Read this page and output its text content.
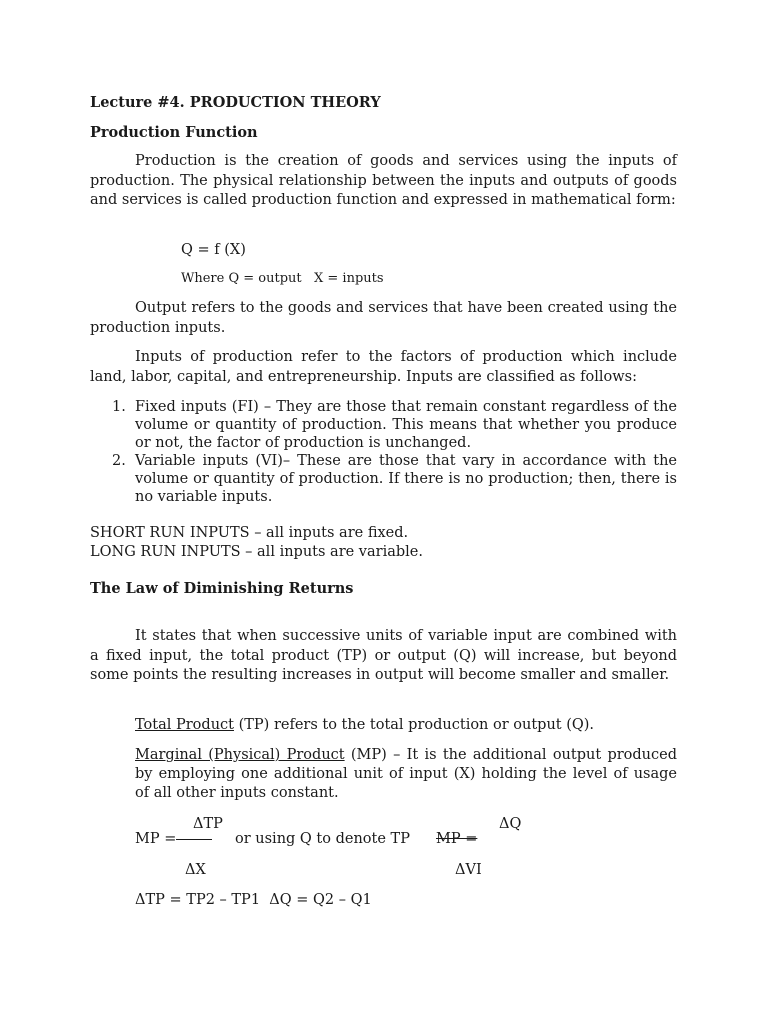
Lecture #4. PRODUCTION THEORY
Production Function
Production is the creation of goods and services using the inputs of production. The physical relationship between the inputs and outputs of goods and services is called production function and expressed in mathematical form:
Q = f (X)
Where Q = output   X = inputs
Output refers to the goods and services that have been created using the production inputs.
Inputs of production refer to the factors of production which include land, labor, capital, and entrepreneurship. Inputs are classified as follows:
1. Fixed inputs (FI) – They are those that remain constant regardless of the volume or quantity of production. This means that whether you produce or not, the factor of production is unchanged.
2. Variable inputs (VI)– These are those that vary in accordance with the volume or quantity of production. If there is no production; then, there is no variable inputs.
SHORT RUN INPUTS – all inputs are fixed.
LONG RUN INPUTS – all inputs are variable.
The Law of Diminishing Returns
It states that when successive units of variable input are combined with a fixed input, the total product (TP) or output (Q) will increase, but beyond some points the resulting increases in output will become smaller and smaller.
Total Product (TP) refers to the total production or output (Q).
Marginal (Physical) Product (MP) – It is the additional output produced by employing one additional unit of input (X) holding the level of usage of all other inputs constant.
MP =
ΔTP
ΔX
or using Q to denote TP MP =
ΔQ
ΔVI
ΔTP = TP2 – TP1  ΔQ = Q2 – Q1
